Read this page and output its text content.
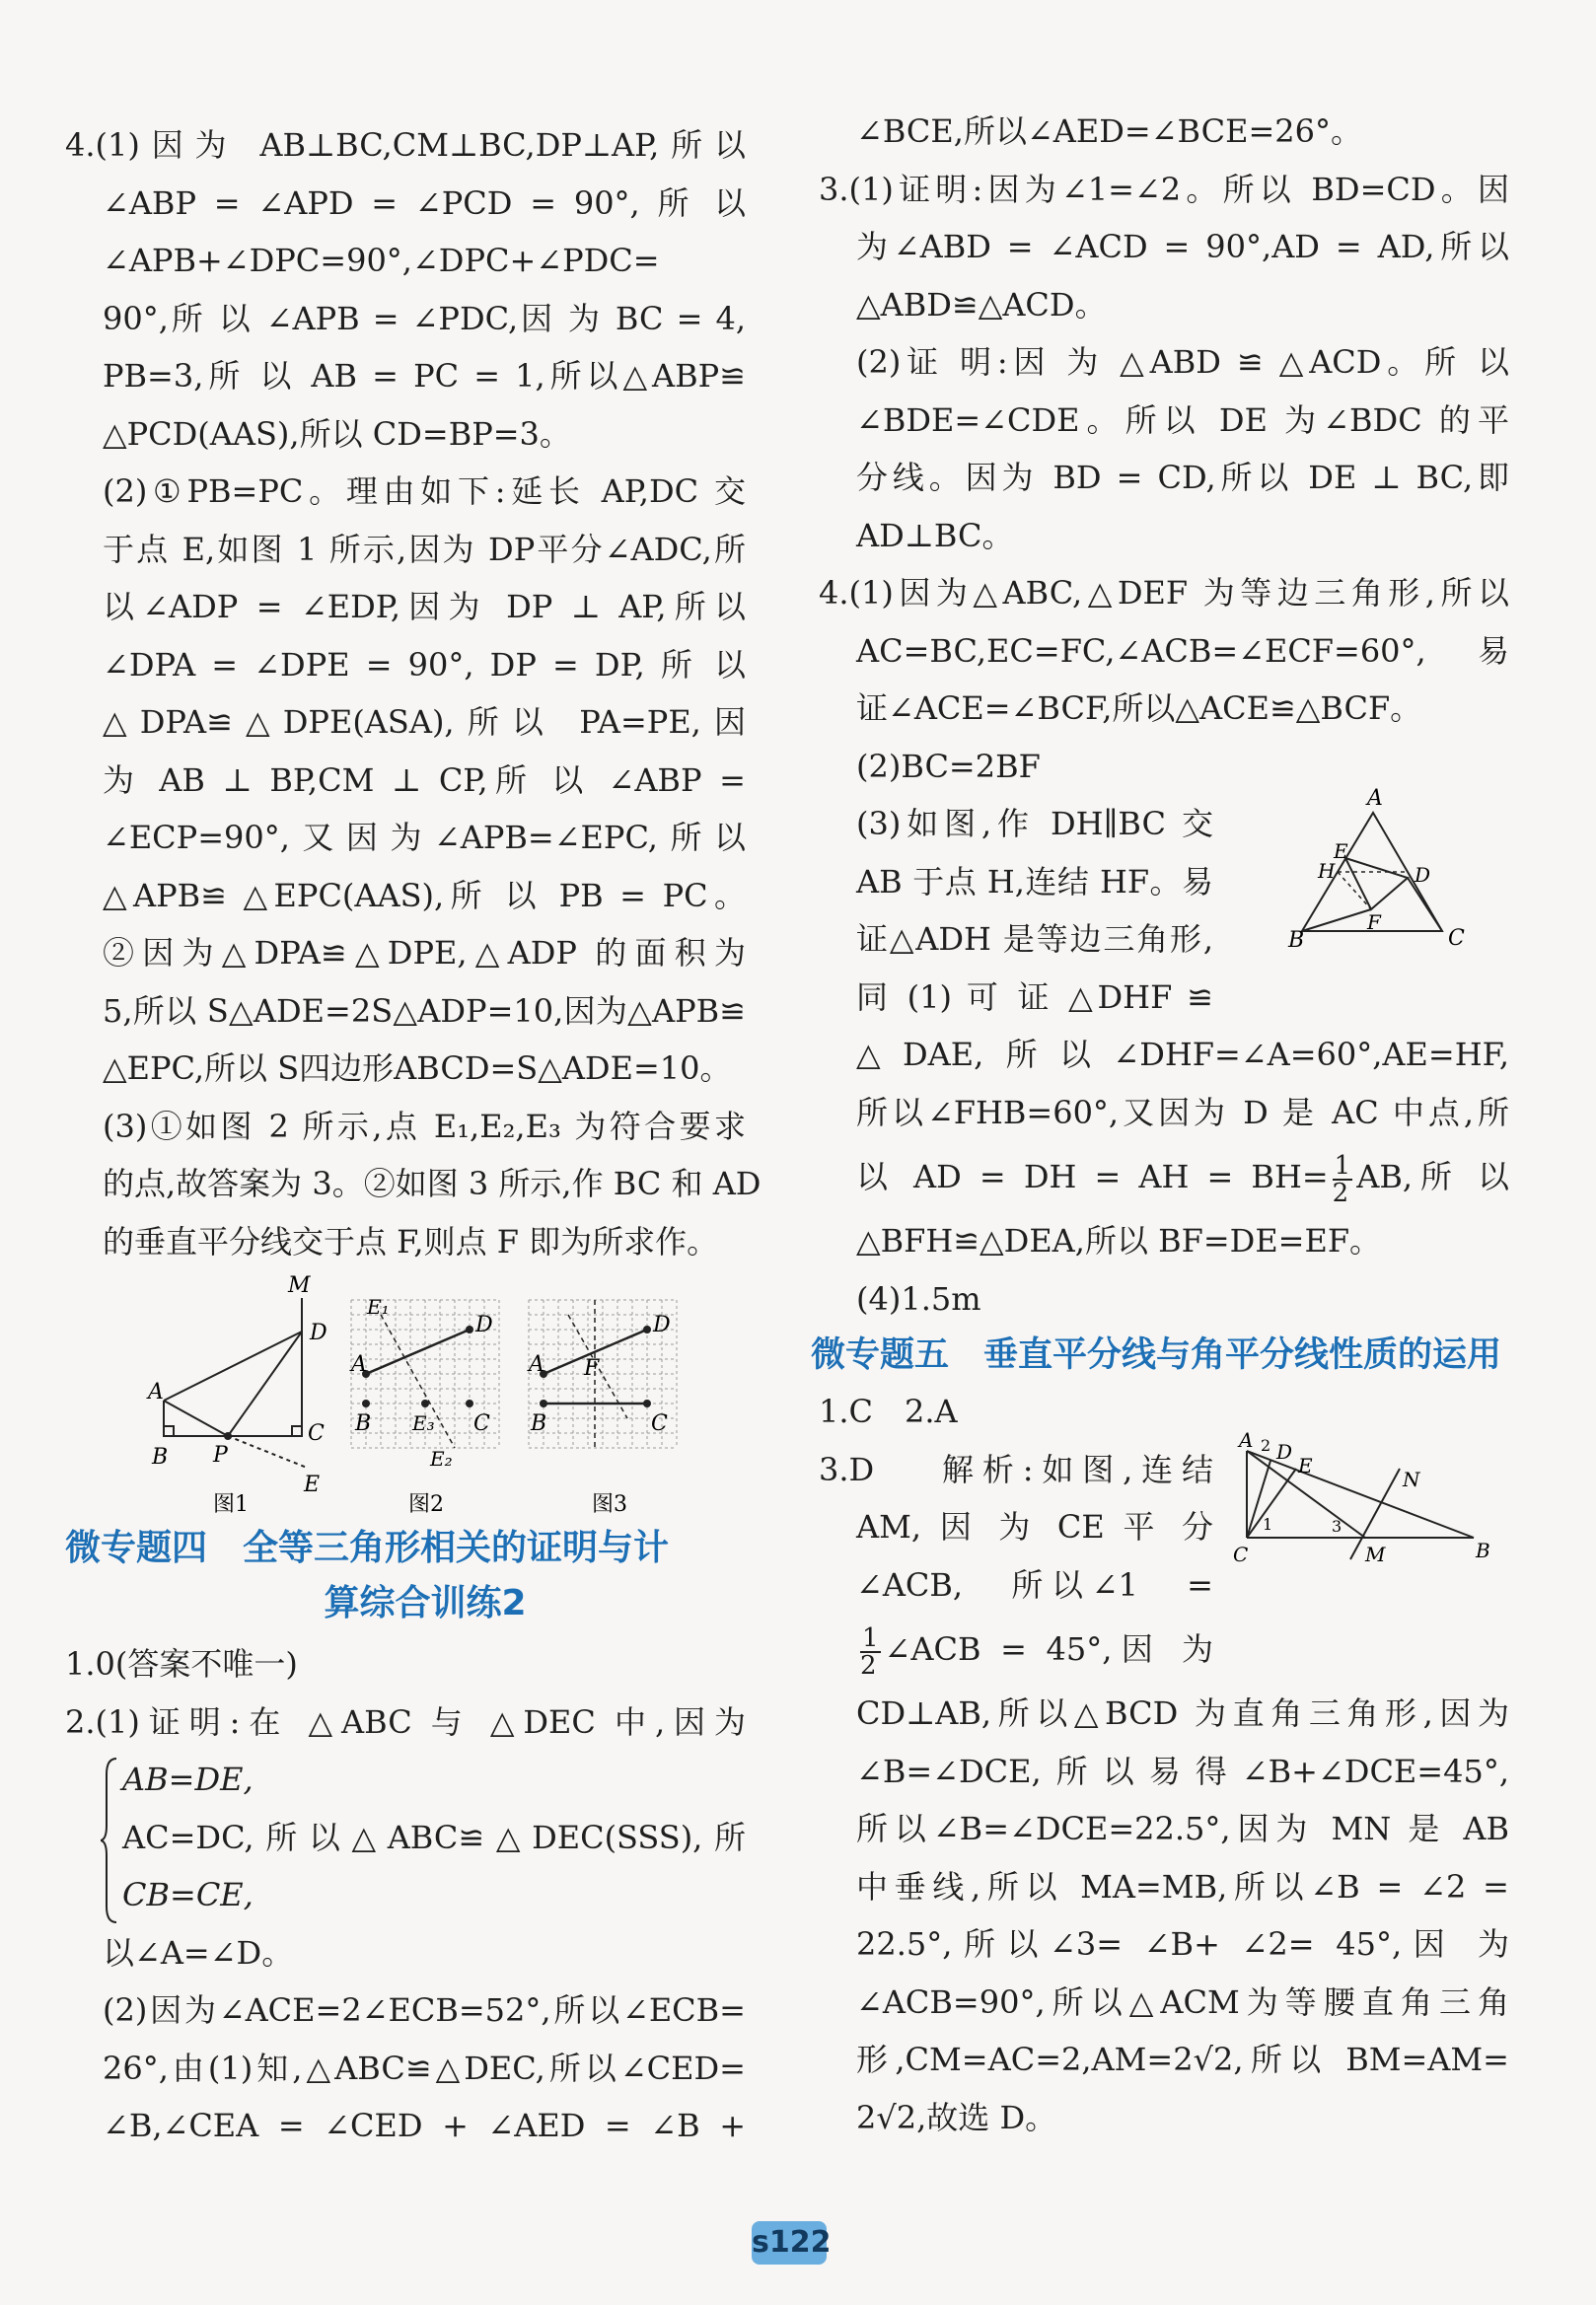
4.(1)因为 AB⊥BC,CM⊥BC,DP⊥AP,所以
∠ABP = ∠APD = ∠PCD = 90°, 所 以
∠APB+∠DPC=90°,∠DPC+∠PDC=
90°,所 以 ∠APB = ∠PDC,因 为 BC = 4,
PB=3,所 以 AB = PC = 1,所以△ABP≌
△PCD(AAS),所以 CD=BP=3。
(2)①PB=PC。理由如下:延长 AP,DC 交
于点 E,如图 1 所示,因为 DP平分∠ADC,所
以∠ADP = ∠EDP,因为 DP ⊥ AP,所以
∠DPA = ∠DPE = 90°, DP = DP, 所 以
△DPA≌△DPE(ASA),所以 PA=PE,因
为 AB ⊥ BP,CM ⊥ CP,所 以 ∠ABP =
∠ECP=90°,又因为∠APB=∠EPC,所以
△APB≌ △EPC(AAS),所 以 PB = PC。
②因为△DPA≌△DPE,△ADP 的面积为
5,所以 S△ADE=2S△ADP=10,因为△APB≌
△EPC,所以 S四边形ABCD=S△ADE=10。
(3)①如图 2 所示,点 E₁,E₂,E₃ 为符合要求
的点,故答案为 3。②如图 3 所示,作 BC 和 AD
的垂直平分线交于点 F,则点 F 即为所求作。
M
D
A
C
B P
E
图1
E₁
D
A
B E₃ C
E₂
图2
D
A F
B	C
图3
微专题四　全等三角形相关的证明与计
算综合训练2
1.0(答案不唯一)
2.(1)证明:在 △ABC 与 △DEC 中,因为
AB=DE,
AC=DC,所以△ABC≌△DEC(SSS),所
CB=CE,
以∠A=∠D。
(2)因为∠ACE=2∠ECB=52°,所以∠ECB=
26°,由(1)知,△ABC≌△DEC,所以∠CED=
∠B,∠CEA = ∠CED + ∠AED = ∠B +
∠BCE,所以∠AED=∠BCE=26°。
3.(1)证明:因为∠1=∠2。所以 BD=CD。因
为∠ABD = ∠ACD = 90°,AD = AD,所以
△ABD≌△ACD。
(2)证 明:因 为 △ABD ≌ △ACD。所 以
∠BDE=∠CDE。所以 DE 为∠BDC 的平
分线。因为 BD = CD,所以 DE ⊥ BC,即
AD⊥BC。
4.(1)因为△ABC,△DEF 为等边三角形,所以
AC=BC,EC=FC,∠ACB=∠ECF=60°,易
证∠ACE=∠BCF,所以△ACE≌△BCF。
(2)BC=2BF
(3)如图,作 DH∥BC 交
AB 于点 H,连结 HF。易
证△ADH 是等边三角形,
同 (1) 可 证 △DHF ≌
A
E
H	D
B
F
C
△DAE,所以∠DHF=∠A=60°,AE=HF,
所以∠FHB=60°,又因为 D 是 AC 中点,所
以 AD = DH = AH = $BH= \frac{1}{2}$ AB,所 以
△BFH≌△DEA,所以 BF=DE=EF。
(4)1.5m
微专题五　垂直平分线与角平分线性质的运用
1.C　2.A
3.D　 解析:如图,连结
AM, 因 为 CE 平 分
∠ACB,　所以∠1　=
$\frac{1}{2}$ ∠ACB = 45°,因 为
A 2 D
E
N
1	3
C	M	B
CD⊥AB,所以△BCD 为直角三角形,因为
∠B=∠DCE,所以易得∠B+∠DCE=45°,
所以∠B=∠DCE=22.5°,因为 MN 是 AB
中垂线,所以 MA=MB,所以∠B = ∠2 =
22.5°,所以∠3= ∠B+ ∠2= 45°,因 为
∠ACB=90°,所以△ACM为等腰直角三角
形,CM=AC=2,AM=2√2,所以 BM=AM=
2√2,故选 D。
s122
